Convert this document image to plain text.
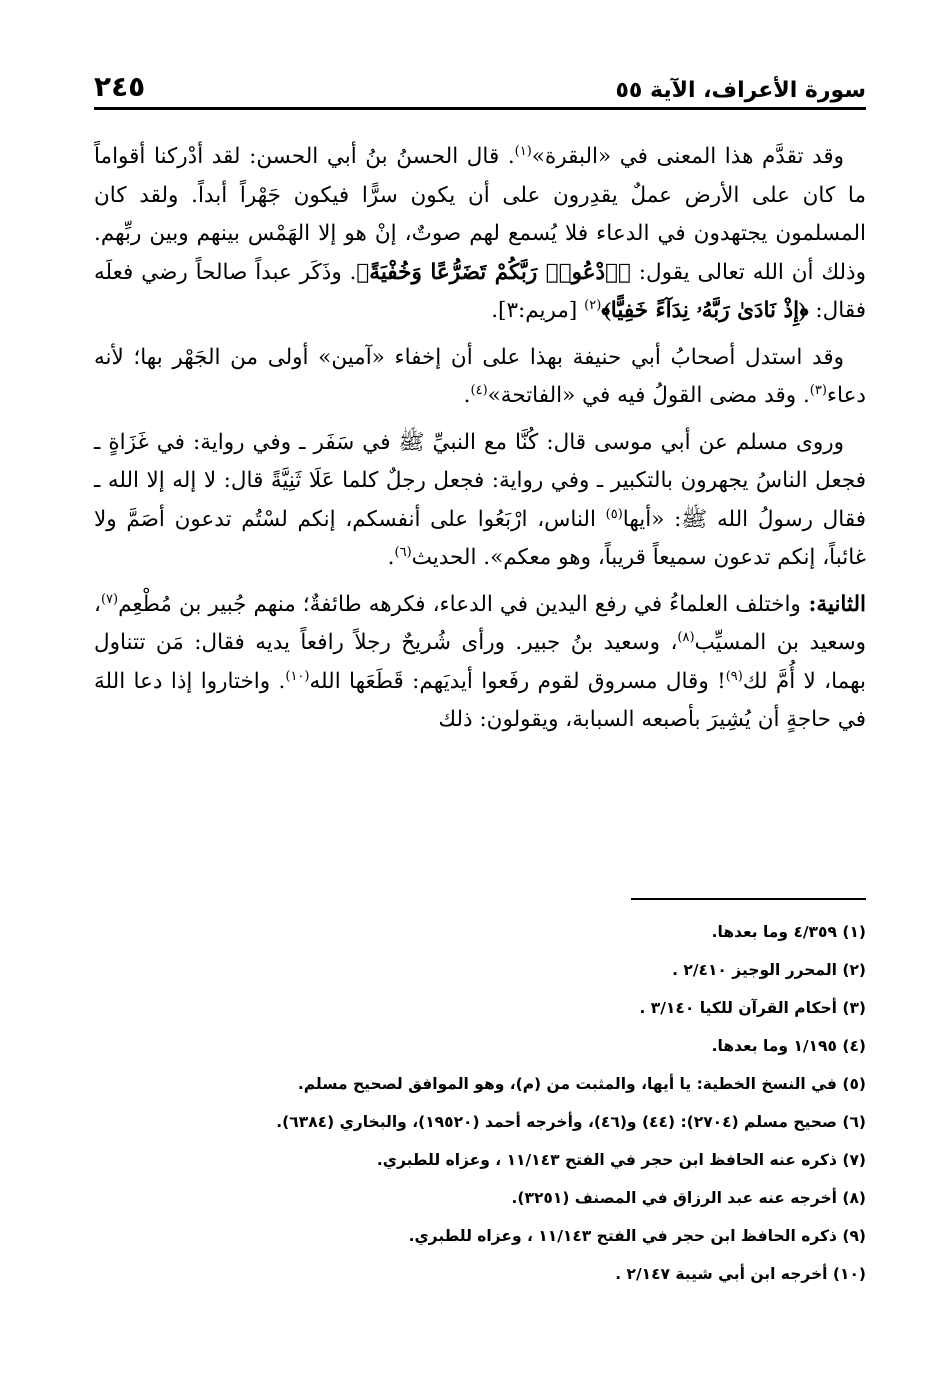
سورة الأعراف، الآية ٥٥
٢٤٥

وقد تقدَّم هذا المعنى في «البقرة»$^{(١)}$. قال الحسنُ بنُ أبي الحسن: لقد أدْركنا أقواماً ما كان على الأرض عملٌ يقدِرون على أن يكون سرًّا فيكون جَهْراً أبداً. ولقد كان المسلمون يجتهدون في الدعاء فلا يُسمع لهم صوتٌ، إنْ هو إلا الهَمْس بينهم وبين ربِّهم. وذلك أن الله تعالى يقول: ﴿ٱدْعُوا۟ رَبَّكُمْ تَضَرُّعًا وَخُفْيَةً﴾. وذَكَر عبداً صالحاً رضي فعلَه فقال: ﴿إِذْ نَادَىٰ رَبَّهُۥ نِدَآءً خَفِيًّا﴾$^{(٢)}$ [مريم:٣].

وقد استدل أصحابُ أبي حنيفة بهذا على أن إخفاء «آمين» أولى من الجَهْر بها؛ لأنه دعاء$^{(٣)}$. وقد مضى القولُ فيه في «الفاتحة»$^{(٤)}$.

وروى مسلم عن أبي موسى قال: كُنَّا مع النبيِّ ﷺ في سَفَر ـ وفي رواية: في غَزَاةٍ ـ فجعل الناسُ يجهرون بالتكبير ـ وفي رواية: فجعل رجلٌ كلما عَلَا ثَنِيَّةً قال: لا إله إلا الله ـ فقال رسولُ الله ﷺ: «أيها$^{(٥)}$ الناس، ارْبَعُوا على أنفسكم، إنكم لسْتُم تدعون أصَمَّ ولا غائباً، إنكم تدعون سميعاً قريباً، وهو معكم». الحديث$^{(٦)}$.

الثانية: واختلف العلماءُ في رفع اليدين في الدعاء، فكرهه طائفةٌ؛ منهم جُبير بن مُطْعِم$^{(٧)}$، وسعيد بن المسيِّب$^{(٨)}$، وسعيد بنُ جبير. ورأى شُريحٌ رجلاً رافعاً يديه فقال: مَن تتناول بهما، لا أُمَّ لك$^{(٩)}$! وقال مسروق لقوم رفَعوا أيديَهم: قَطَعَها الله$^{(١٠)}$. واختاروا إذا دعا اللهَ في حاجةٍ أن يُشِيرَ بأصبعه السبابة، ويقولون: ذلك

(١) ٤/٣٥٩ وما بعدها.
(٢) المحرر الوجيز ٢/٤١٠ .
(٣) أحكام القرآن للكيا ٣/١٤٠ .
(٤) ١/١٩٥ وما بعدها.
(٥) في النسخ الخطية: يا أيها، والمثبت من (م)، وهو الموافق لصحيح مسلم.
(٦) صحيح مسلم (٢٧٠٤): (٤٤) و(٤٦)، وأخرجه أحمد (١٩٥٢٠)، والبخاري (٦٣٨٤).
(٧) ذكره عنه الحافظ ابن حجر في الفتح ١١/١٤٣ ، وعزاه للطبري.
(٨) أخرجه عنه عبد الرزاق في المصنف (٣٢٥١).
(٩) ذكره الحافظ ابن حجر في الفتح ١١/١٤٣ ، وعزاه للطبري.
(١٠) أخرجه ابن أبي شيبة ٢/١٤٧ .
